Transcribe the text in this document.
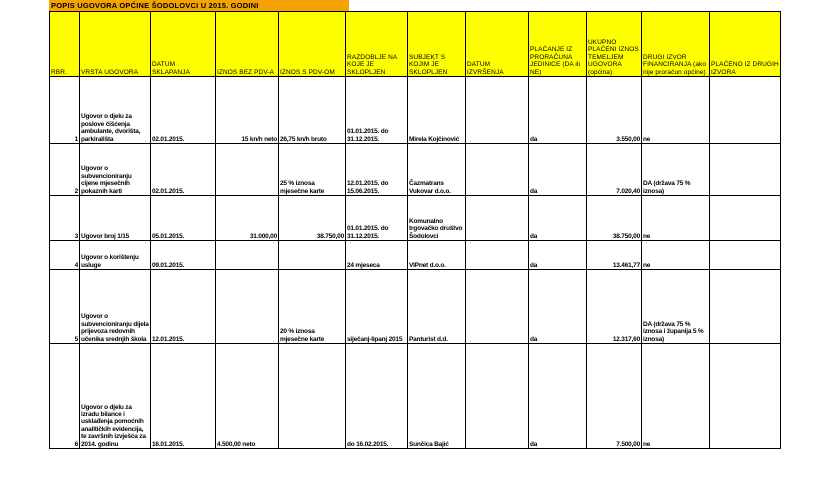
POPIS UGOVORA OPĆINE ŠODOLOVCI U 2015. GODINI
RBR.	VRSTA UGOVORA	DATUM SKLAPANJA	IZNOS BEZ PDV-A	IZNOS S PDV-OM	RAZDOBLJE NA KOJE JE SKLOPLJEN	SUBJEKT S KOJIM JE SKLOPLJEN	DATUM IZVRŠENJA	PLAĆANJE IZ PRORAČUNA JEDINICE (DA ili NE)	UKUPNO PLAĆENI IZNOS TEMELJEM UGOVORA (općina)	DRUGI IZVOR FINANCIRANJA (ako nije proračun općine)	PLAĆENO IZ DRUGIH IZVORA
1	Ugovor o djelu za poslove čišćenja ambulante, dvorišta, parkirališta	02.01.2015.	15 kn/h neto	26,75 kn/h bruto	01.01.2015. do 31.12.2015.	Mirela Kojčinović		da	3.550,00	ne	
2	Ugovor o subvencioniranju cijene mjesečnih pokaznih karti	02.01.2015.		25 % iznosa mjesečne karte	12.01.2015. do 15.06.2015.	Čazmatrans Vukovar d.o.o.		da	7.020,40	DA (državа 75 % iznosa)	
3	Ugovor broj 1/15	05.01.2015.	31.000,00	38.750,00	01.01.2015. do 31.12.2015.	Komunalno trgovačko društvo Šodolovci		da	38.750,00	ne	
4	Ugovor o korištenju usluge	09.01.2015.			24 mjeseca	VIPnet d.o.o.		da	13.461,77	ne	
5	Ugovor o subvencioniranju dijela prijevoza redovnih učenika srednjih škola	12.01.2015.		20 % iznosa mjesečne karte	siječanj-lipanj 2015	Panturist d.d.		da	12.317,60	DA (državа 75 % iznosa i županija 5 % iznosa)	
6	Ugovor o djelu za izradu bilance i usklađenja pomoćnih analitičkih evidencija, te završnih izvješća za 2014. godinu	16.01.2015.	4.500,00 neto		do 16.02.2015.	Sunčica Bajić		da	7.500,00	ne	
